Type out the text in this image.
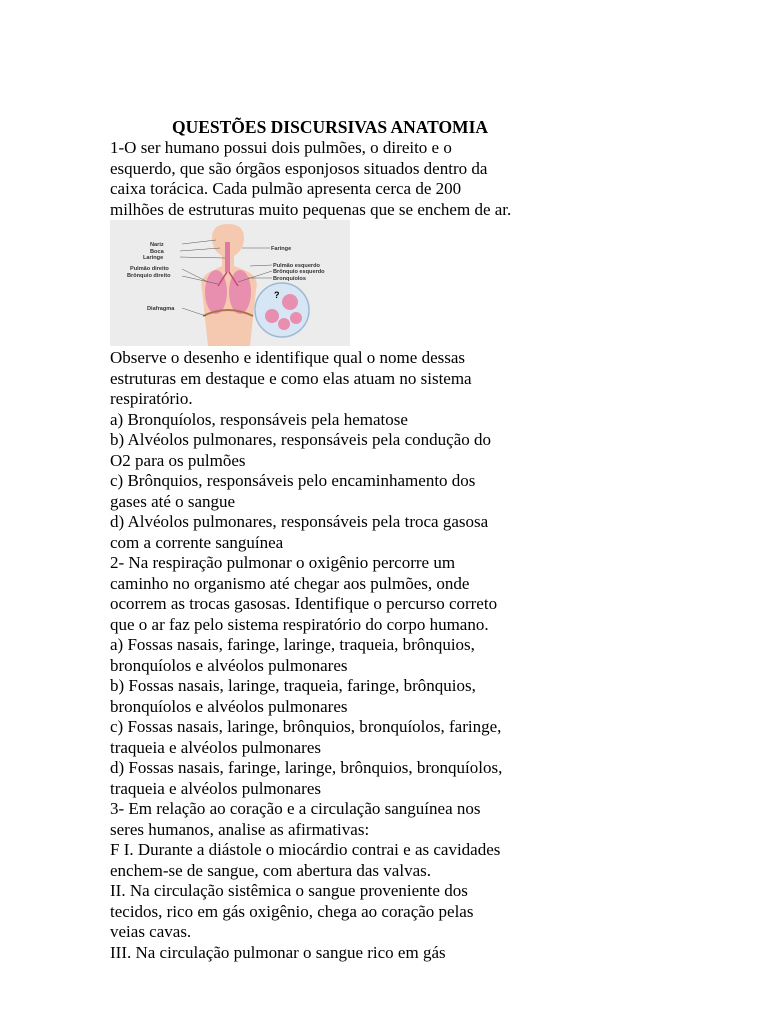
QUESTÕES DISCURSIVAS ANATOMIA
1-O ser humano possui dois pulmões, o direito e o
esquerdo, que são órgãos esponjosos situados dentro da
caixa torácica. Cada pulmão apresenta cerca de 200
milhões de estruturas muito pequenas que se enchem de ar.
?
Nariz
Boca
Laringe
Pulmão direito
Brônquio direito
Diafragma
Faringe
Pulmão esquerdo
Brônquio esquerdo
Bronquíolos
Observe o desenho e identifique qual o nome dessas
estruturas em destaque e como elas atuam no sistema
respiratório.
a) Bronquíolos, responsáveis pela hematose
b) Alvéolos pulmonares, responsáveis pela condução do
O2 para os pulmões
c) Brônquios, responsáveis pelo encaminhamento dos
gases até o sangue
d) Alvéolos pulmonares, responsáveis pela troca gasosa
com a corrente sanguínea
2- Na respiração pulmonar o oxigênio percorre um
caminho no organismo até chegar aos pulmões, onde
ocorrem as trocas gasosas. Identifique o percurso correto
que o ar faz pelo sistema respiratório do corpo humano.
a) Fossas nasais, faringe, laringe, traqueia, brônquios,
bronquíolos e alvéolos pulmonares
b) Fossas nasais, laringe, traqueia, faringe, brônquios,
bronquíolos e alvéolos pulmonares
c) Fossas nasais, laringe, brônquios, bronquíolos, faringe,
traqueia e alvéolos pulmonares
d) Fossas nasais, faringe, laringe, brônquios, bronquíolos,
traqueia e alvéolos pulmonares
3- Em relação ao coração e a circulação sanguínea nos
seres humanos, analise as afirmativas:
F I. Durante a diástole o miocárdio contrai e as cavidades
enchem-se de sangue, com abertura das valvas.
II. Na circulação sistêmica o sangue proveniente dos
tecidos, rico em gás oxigênio, chega ao coração pelas
veias cavas.
III. Na circulação pulmonar o sangue rico em gás
